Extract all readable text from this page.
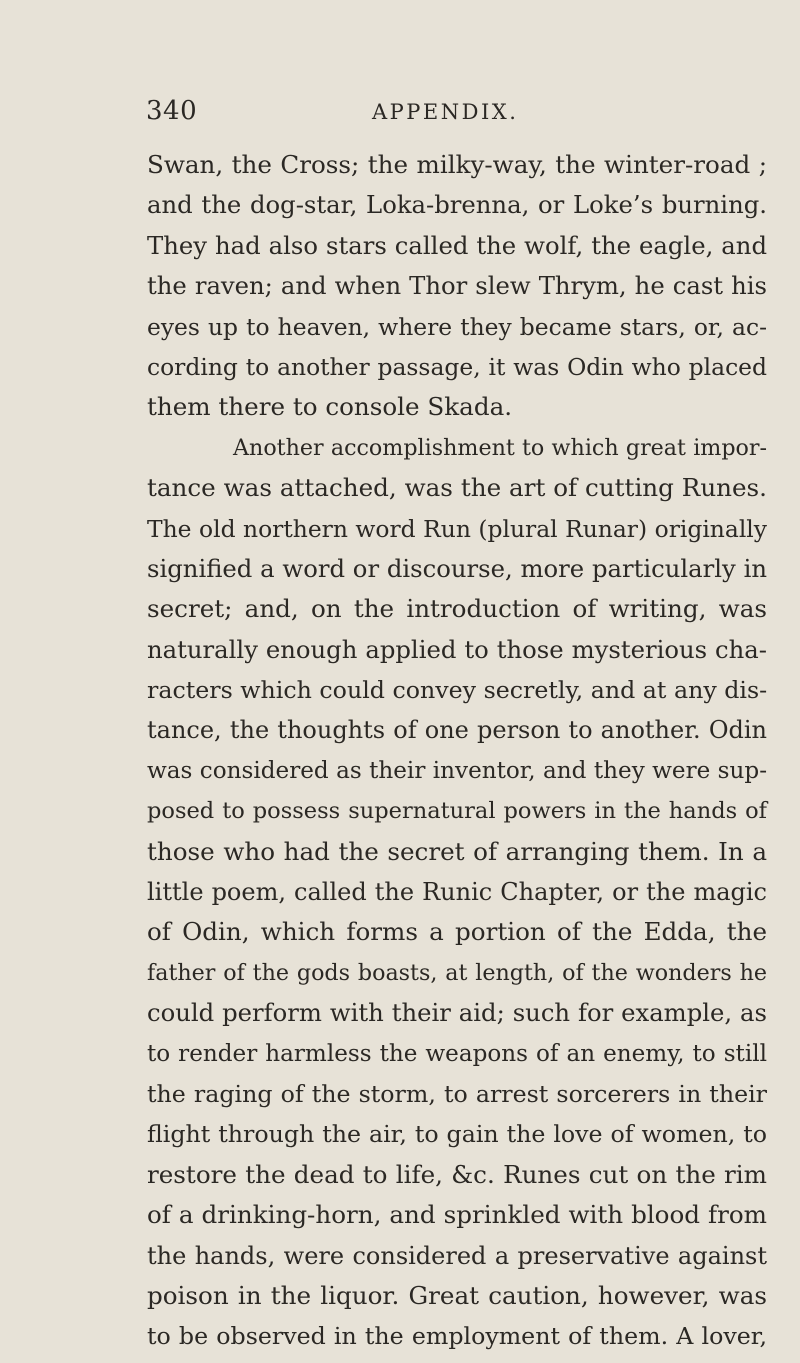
340	APPENDIX.
Swan, the Cross; the milky-way, the winter-road ;
and the dog-star, Loka-brenna, or Loke’s burning.
They had also stars called the wolf, the eagle, and
the raven; and when Thor slew Thrym, he cast his
eyes up to heaven, where they became stars, or, ac-
cording to another passage, it was Odin who placed
them there to console Skada.
Another accomplishment to which great impor-
tance was attached, was the art of cutting Runes.
The old northern word Run (plural Runar) originally
signified a word or discourse, more particularly in
secret; and, on the introduction of writing, was
naturally enough applied to those mysterious cha-
racters which could convey secretly, and at any dis-
tance, the thoughts of one person to another. Odin
was considered as their inventor, and they were sup-
posed to possess supernatural powers in the hands of
those who had the secret of arranging them. In a
little poem, called the Runic Chapter, or the magic
of Odin, which forms a portion of the Edda, the
father of the gods boasts, at length, of the wonders he
could perform with their aid; such for example, as
to render harmless the weapons of an enemy, to still
the raging of the storm, to arrest sorcerers in their
flight through the air, to gain the love of women, to
restore the dead to life, &c. Runes cut on the rim
of a drinking-horn, and sprinkled with blood from
the hands, were considered a preservative against
poison in the liquor. Great caution, however, was
to be observed in the employment of them. A lover,
